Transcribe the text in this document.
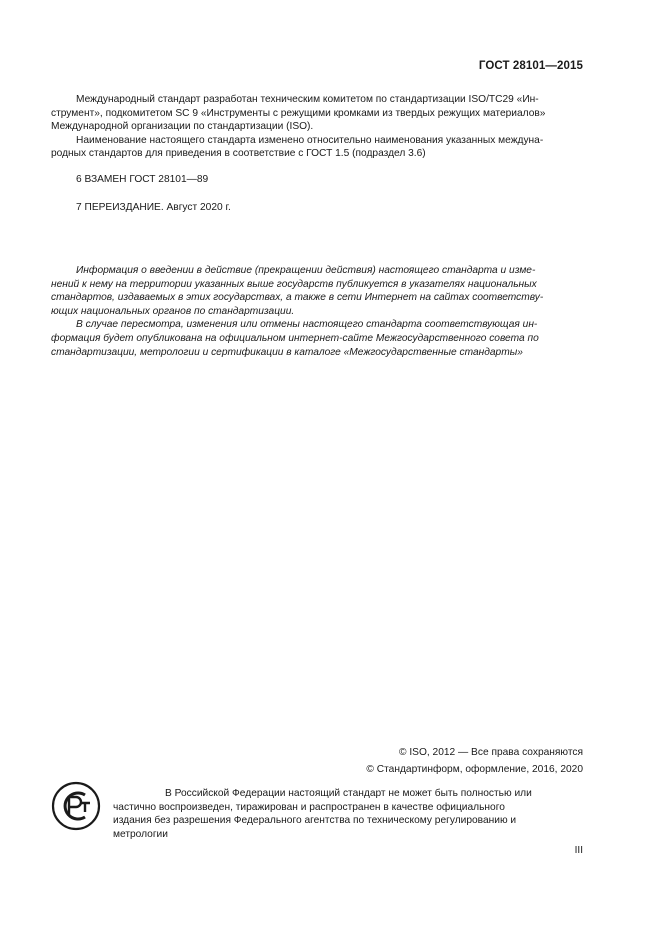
ГОСТ 28101—2015
Международный стандарт разработан техническим комитетом по стандартизации ISO/TC29 «Ин-
струмент», подкомитетом SC 9 «Инструменты с режущими кромками из твердых режущих материалов»
Международной организации по стандартизации (ISO).
Наименование настоящего стандарта изменено относительно наименования указанных междуна-
родных стандартов для приведения в соответствие с ГОСТ 1.5 (подраздел 3.6)
6 ВЗАМЕН ГОСТ 28101—89
7 ПЕРЕИЗДАНИЕ. Август 2020 г.
Информация о введении в действие (прекращении действия) настоящего стандарта и изме-
нений к нему на территории указанных выше государств публикуется в указателях национальных
стандартов, издаваемых в этих государствах, а также в сети Интернет на сайтах соответству-
ющих национальных органов по стандартизации.
В случае пересмотра, изменения или отмены настоящего стандарта соответствующая ин-
формация будет опубликована на официальном интернет-сайте Межгосударственного совета по
стандартизации, метрологии и сертификации в каталоге «Межгосударственные стандарты»
© ISO, 2012 — Все права сохраняются
© Стандартинформ, оформление, 2016, 2020
В Российской Федерации настоящий стандарт не может быть полностью или
частично воспроизведен, тиражирован и распространен в качестве официального
издания без разрешения Федерального агентства по техническому регулированию и
метрологии
III
